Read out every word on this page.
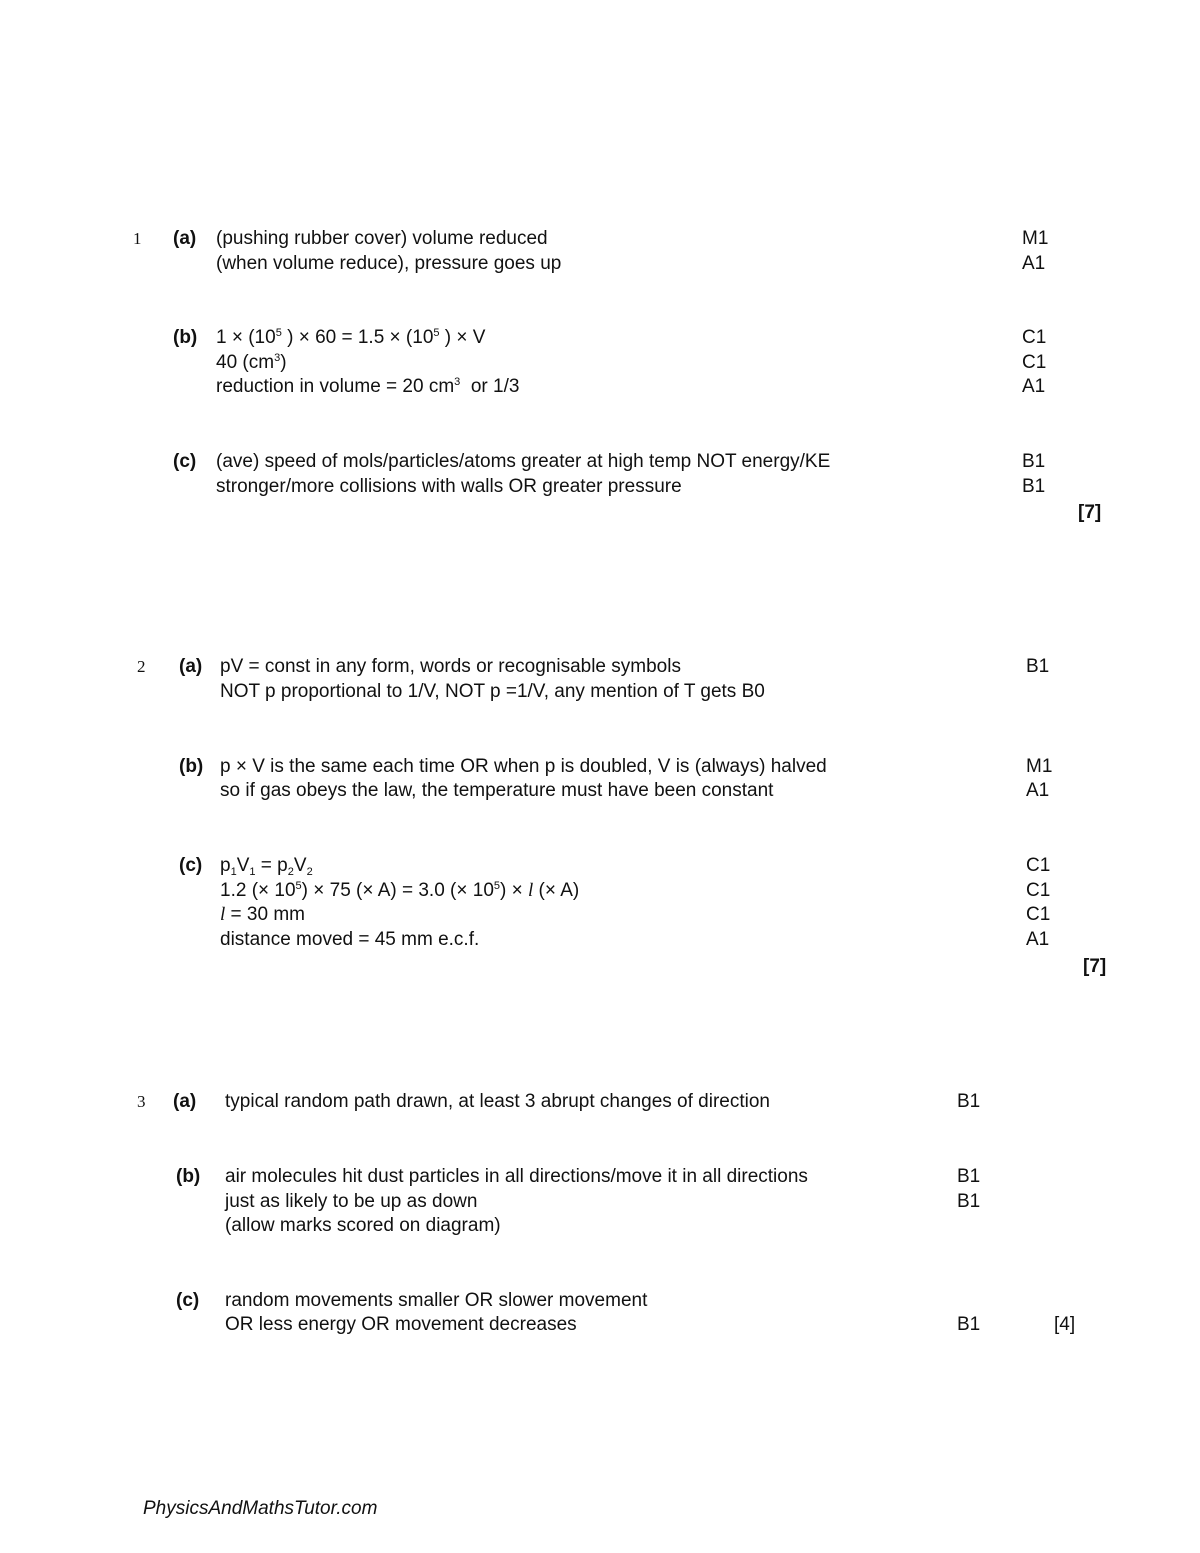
1 (a) (pushing rubber cover) volume reduced	M1
(when volume reduce), pressure goes up	A1
(b) $1 \times (10^5$ ) × $60 = 1.5 \times (10^5$ ) × V	C1
40 $(cm^3)$	C1
reduction in volume = 20 $cm^3$  or 1/3	A1
(c) (ave) speed of mols/particles/atoms greater at high temp NOT energy/KE	B1
stronger/more collisions with walls OR greater pressure	B1
[7]
2 (a) pV = const in any form, words or recognisable symbols	B1
NOT p proportional to 1/V, NOT p =1/V, any mention of T gets B0
(b) p × V is the same each time OR when p is doubled, V is (always) halved	M1
so if gas obeys the law, the temperature must have been constant	A1
(c) $p_1V_1 = p_2V_2$	C1
1.2 (× $10^5) \times 75$ (× A) = 3.0 (× $10^5) \times l$ (× A)	C1
l = 30 mm	C1
distance moved = 45 mm e.c.f.	A1
[7]
3 (a) typical random path drawn, at least 3 abrupt changes of direction	B1
(b) air molecules hit dust particles in all directions/move it in all directions	B1
just as likely to be up as down	B1
(allow marks scored on diagram)
(c) random movements smaller OR slower movement
OR less energy OR movement decreases	B1	[4]
PhysicsAndMathsTutor.com
